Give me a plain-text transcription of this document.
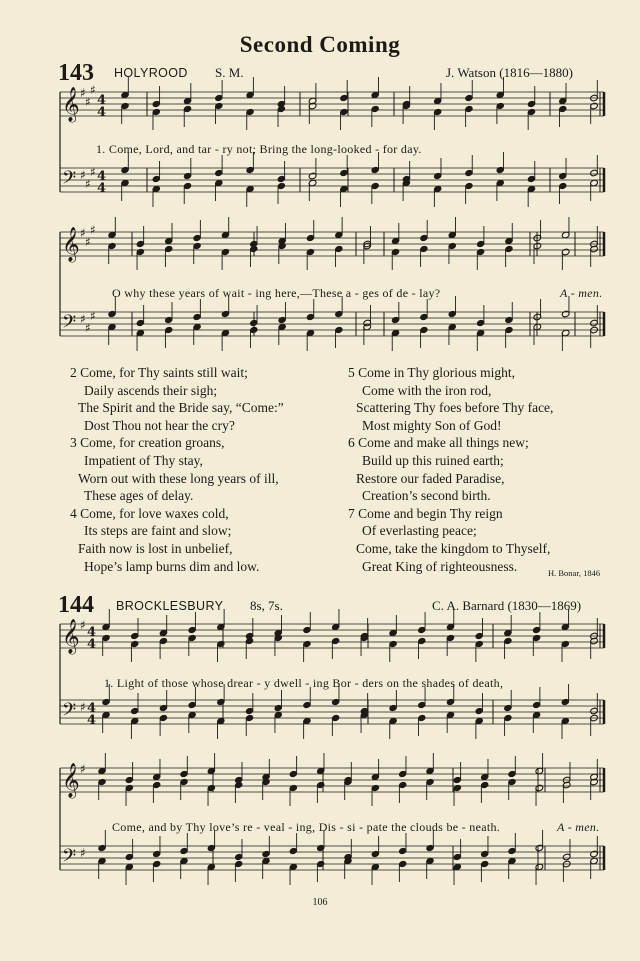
Second Coming
143 HOLYROOD S. M.	J. Watson (1816—1880)
1. Come, Lord, and tar - ry not; Bring the long-looked - for day.
O why these years of wait - ing here,—These a - ges of de - lay?	A - men.
2 Come, for Thy saints still wait;
Daily ascends their sigh;
The Spirit and the Bride say, “Come:”
Dost Thou not hear the cry?
3 Come, for creation groans,
Impatient of Thy stay,
Worn out with these long years of ill,
These ages of delay.
4 Come, for love waxes cold,
Its steps are faint and slow;
Faith now is lost in unbelief,
Hope’s lamp burns dim and low.
5 Come in Thy glorious might,
Come with the iron rod,
Scattering Thy foes before Thy face,
Most mighty Son of God!
6 Come and make all things new;
Build up this ruined earth;
Restore our faded Paradise,
Creation’s second birth.
7 Come and begin Thy reign
Of everlasting peace;
Come, take the kingdom to Thyself,
Great King of righteousness.	H. Bonar, 1846
144 BROCKLESBURY 8s, 7s.	C. A. Barnard (1830—1869)
1. Light of those whose drear - y dwell - ing Bor - ders on the shades of death,
Come, and by Thy love’s re - veal - ing, Dis - si - pate the clouds be - neath.	A - men.
106
𝄞
𝄢
♯
♯
♯
♯
♯
♯
4
4
4
4
𝄞
𝄢
♯
♯
♯
♯
♯
♯
𝄞
𝄢
♯
♯
4
4
4
4
𝄞
𝄢
♯
♯
